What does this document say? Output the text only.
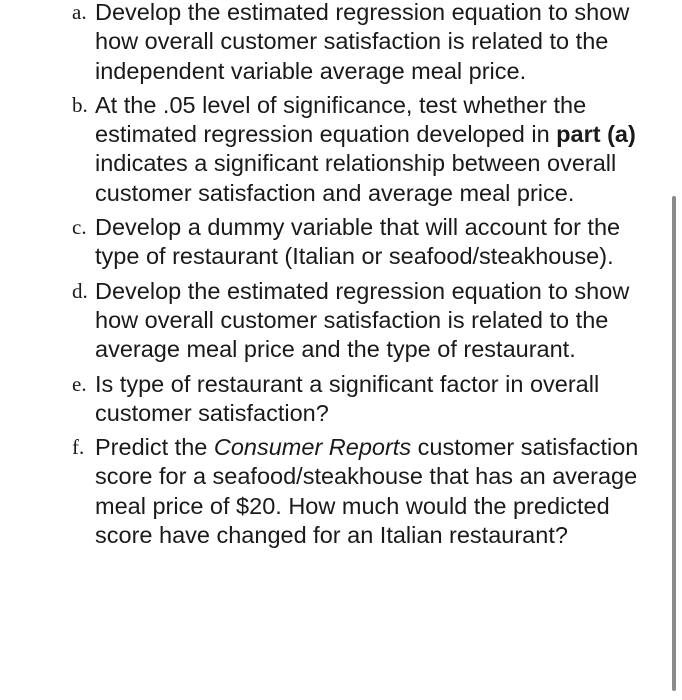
a. Develop the estimated regression equation to show how overall customer satisfaction is related to the independent variable average meal price.
b. At the .05 level of significance, test whether the estimated regression equation developed in part (a) indicates a significant relationship between overall customer satisfaction and average meal price.
c. Develop a dummy variable that will account for the type of restaurant (Italian or seafood/steakhouse).
d. Develop the estimated regression equation to show how overall customer satisfaction is related to the average meal price and the type of restaurant.
e. Is type of restaurant a significant factor in overall customer satisfaction?
f. Predict the Consumer Reports customer satisfaction score for a seafood/steakhouse that has an average meal price of $20. How much would the predicted score have changed for an Italian restaurant?
